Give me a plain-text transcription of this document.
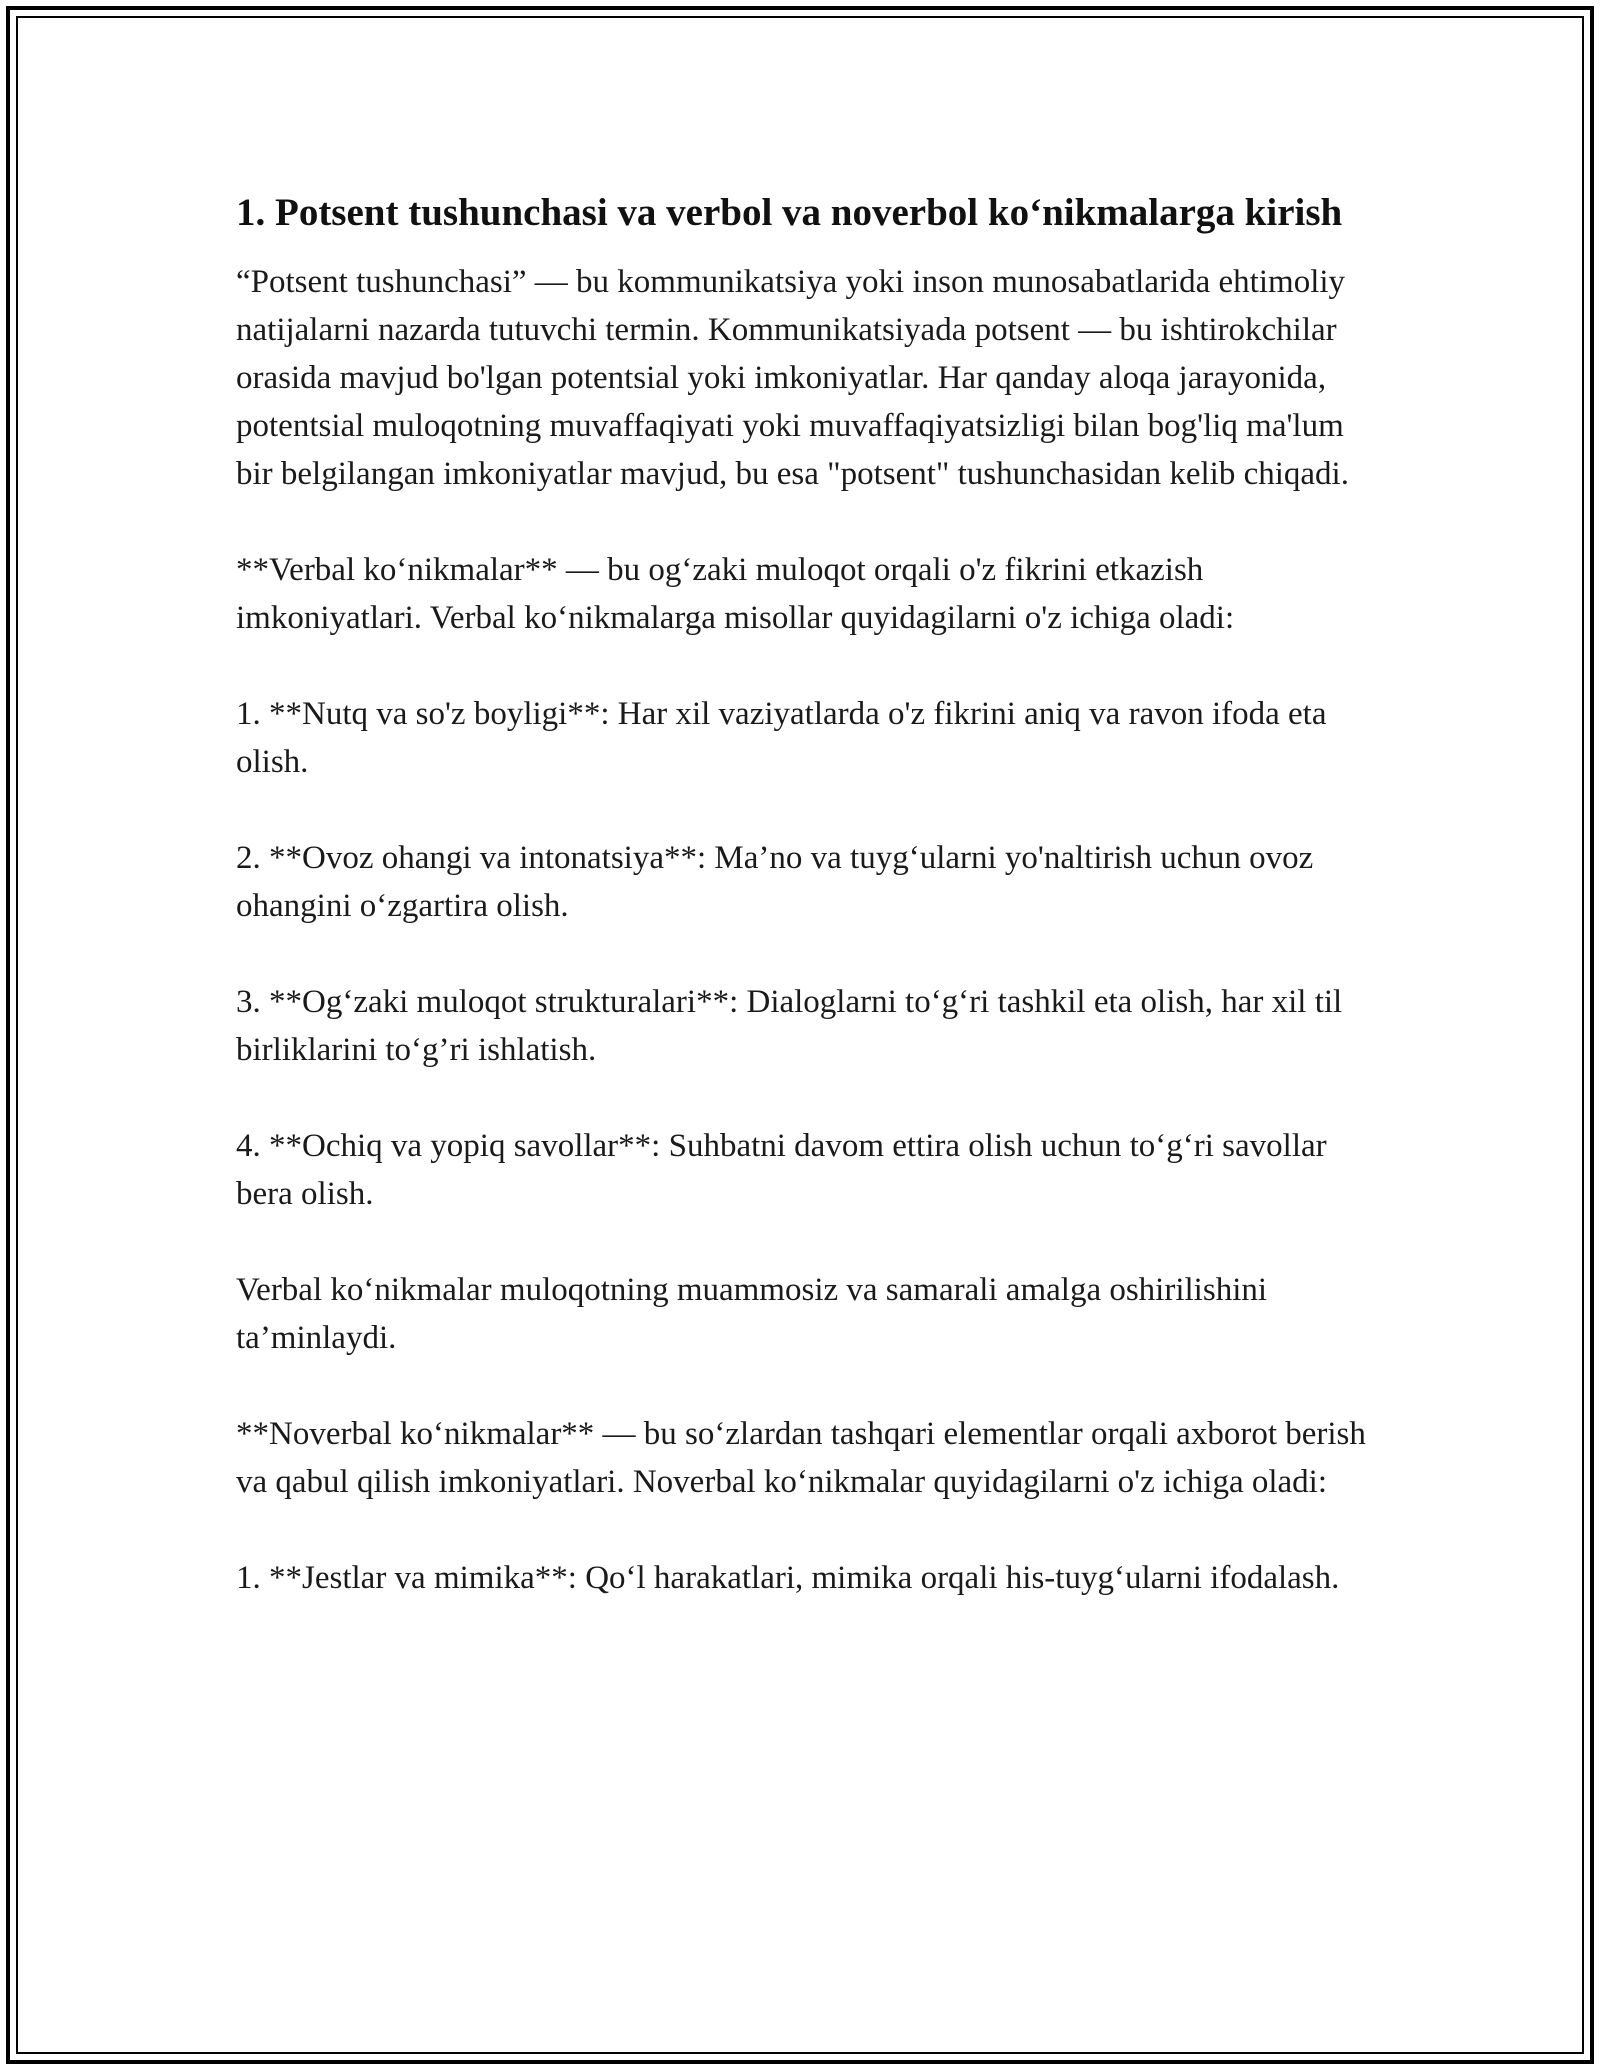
1. Potsent tushunchasi va verbol va noverbol ko‘nikmalarga kirish

“Potsent tushunchasi” — bu kommunikatsiya yoki inson munosabatlarida ehtimoliy natijalarni nazarda tutuvchi termin. Kommunikatsiyada potsent — bu ishtirokchilar orasida mavjud bo'lgan potentsial yoki imkoniyatlar. Har qanday aloqa jarayonida, potentsial muloqotning muvaffaqiyati yoki muvaffaqiyatsizligi bilan bog'liq ma'lum bir belgilangan imkoniyatlar mavjud, bu esa "potsent" tushunchasidan kelib chiqadi.

**Verbal ko‘nikmalar** — bu og‘zaki muloqot orqali o'z fikrini etkazish imkoniyatlari. Verbal ko‘nikmalarga misollar quyidagilarni o'z ichiga oladi:

1. **Nutq va so'z boyligi**: Har xil vaziyatlarda o'z fikrini aniq va ravon ifoda eta olish.

2. **Ovoz ohangi va intonatsiya**: Ma’no va tuyg‘ularni yo'naltirish uchun ovoz ohangini o‘zgartira olish.

3. **Og‘zaki muloqot strukturalari**: Dialoglarni to‘g‘ri tashkil eta olish, har xil til birliklarini to‘g’ri ishlatish.

4. **Ochiq va yopiq savollar**: Suhbatni davom ettira olish uchun to‘g‘ri savollar bera olish.

Verbal ko‘nikmalar muloqotning muammosiz va samarali amalga oshirilishini ta’minlaydi.

**Noverbal ko‘nikmalar** — bu so‘zlardan tashqari elementlar orqali axborot berish va qabul qilish imkoniyatlari. Noverbal ko‘nikmalar quyidagilarni o'z ichiga oladi:

1. **Jestlar va mimika**: Qo‘l harakatlari, mimika orqali his-tuyg‘ularni ifodalash.
